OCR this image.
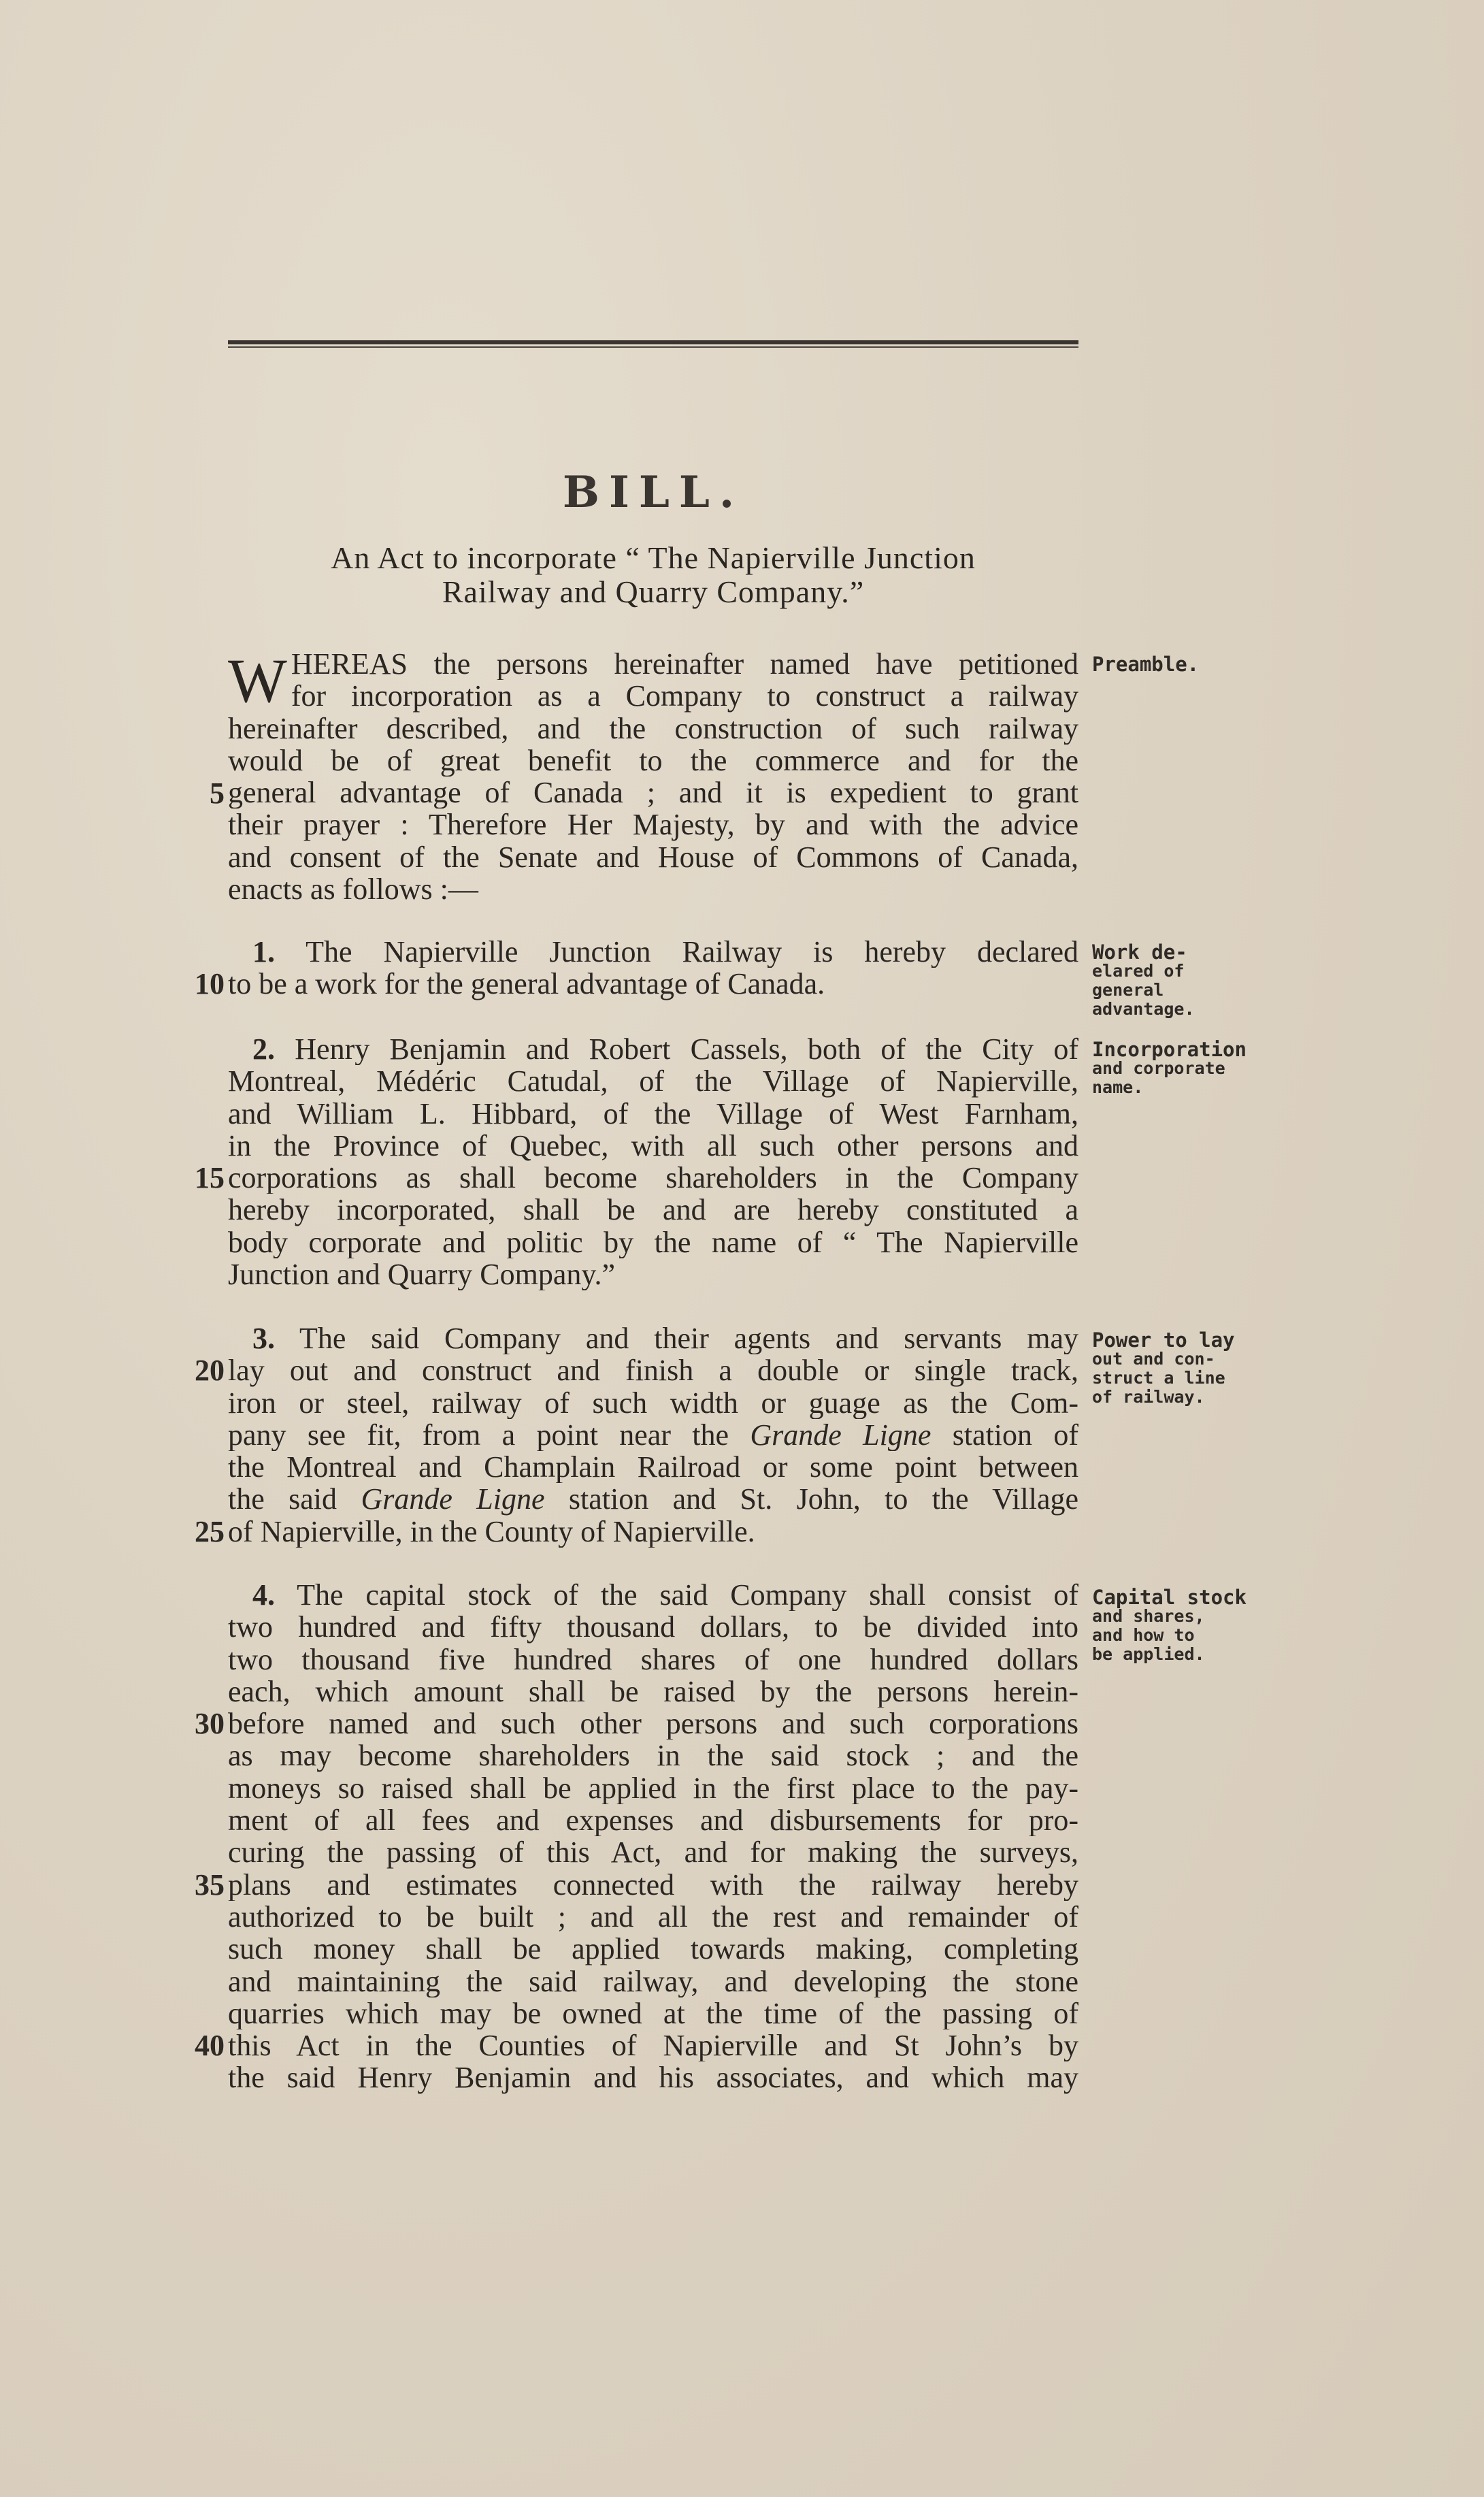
BILL.
An Act to incorporate “ The Napierville Junction
Railway and Quarry Company.”
W HEREAS the persons hereinafter named have petitioned
for incorporation as a Company to construct a railway
hereinafter described, and the construction of such railway
would be of great benefit to the commerce and for the
general advantage of Canada ; and it is expedient to grant
their prayer : Therefore Her Majesty, by and with the advice
and consent of the Senate and House of Commons of Canada,
enacts as follows :—
Preamble.
1. The Napierville Junction Railway is hereby declared
to be a work for the general advantage of Canada.
Work de-
elared of
general
advantage.
2. Henry Benjamin and Robert Cassels, both of the City of
Montreal, Médéric Catudal, of the Village of Napierville,
and William L. Hibbard, of the Village of West Farnham,
in the Province of Quebec, with all such other persons and
corporations as shall become shareholders in the Company
hereby incorporated, shall be and are hereby constituted a
body corporate and politic by the name of “ The Napierville
Junction and Quarry Company.”
Incorporation
and corporate
name.
3. The said Company and their agents and servants may
lay out and construct and finish a double or single track,
iron or steel, railway of such width or guage as the Com-
pany see fit, from a point near the Grande Ligne station of
the Montreal and Champlain Railroad or some point between
the said Grande Ligne station and St. John, to the Village
of Napierville, in the County of Napierville.
Power to lay
out and con-
struct a line
of railway.
4. The capital stock of the said Company shall consist of
two hundred and fifty thousand dollars, to be divided into
two thousand five hundred shares of one hundred dollars
each, which amount shall be raised by the persons herein-
before named and such other persons and such corporations
as may become shareholders in the said stock ; and the
moneys so raised shall be applied in the first place to the pay-
ment of all fees and expenses and disbursements for pro-
curing the passing of this Act, and for making the surveys,
plans and estimates connected with the railway hereby
authorized to be built ; and all the rest and remainder of
such money shall be applied towards making, completing
and maintaining the said railway, and developing the stone
quarries which may be owned at the time of the passing of
this Act in the Counties of Napierville and St John’s by
the said Henry Benjamin and his associates, and which may
Capital stock
and shares,
and how to
be applied.
5
10
15
20
25
30
35
40
